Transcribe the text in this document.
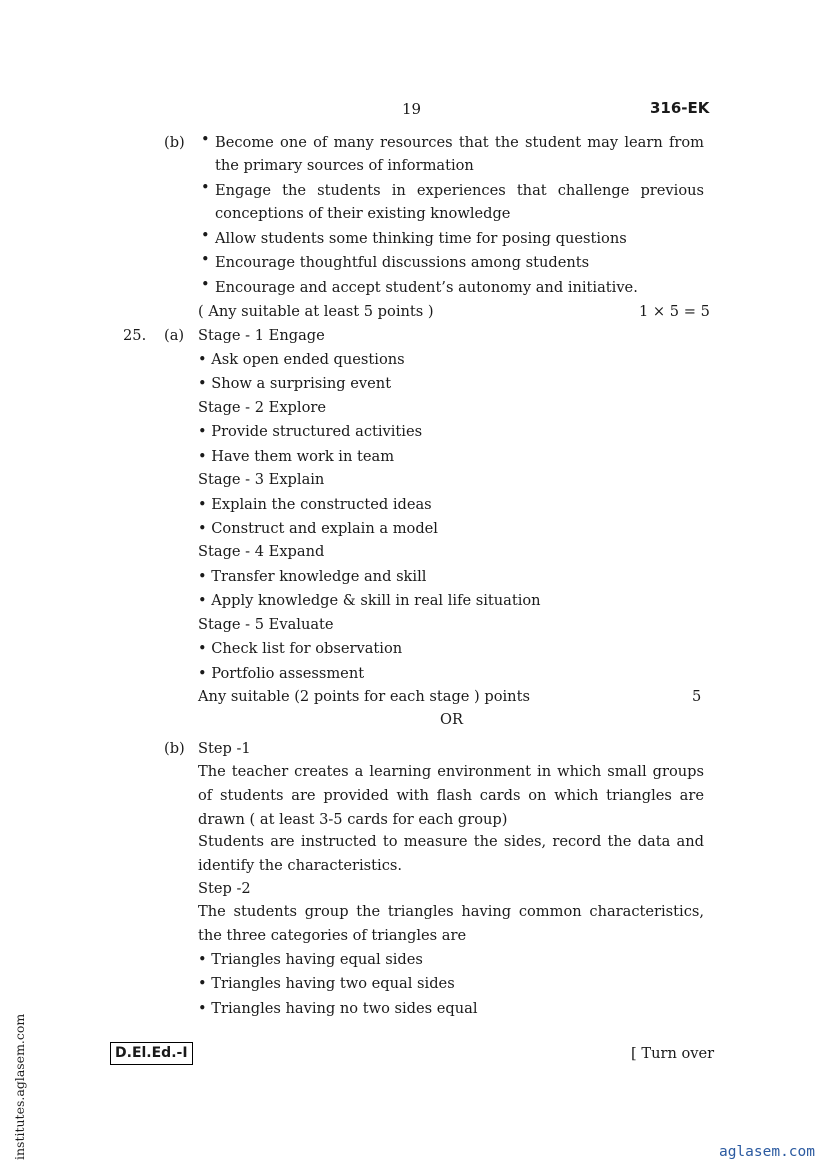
19	316-EK
(b) • Become one of many resources that the student may learn from the primary sources of information
• Engage the students in experiences that challenge previous conceptions of their existing knowledge
• Allow students some thinking time for posing questions
• Encourage thoughtful discussions among students
• Encourage and accept student’s autonomy and initiative.
( Any suitable at least 5 points )	1 × 5 = 5
25. (a) Stage - 1 Engage
• Ask open ended questions
• Show a surprising event
Stage - 2 Explore
• Provide structured activities
• Have them work in team
Stage - 3 Explain
• Explain the constructed ideas
• Construct and explain a model
Stage - 4 Expand
• Transfer knowledge and skill
• Apply knowledge & skill in real life situation
Stage - 5 Evaluate
• Check list for observation
• Portfolio assessment
Any suitable (2 points for each stage ) points	5
OR
(b) Step -1
The teacher creates a learning environment in which small groups
of students are provided with flash cards on which triangles are
drawn ( at least 3-5 cards for each group)
Students are instructed to measure the sides, record the data and
identify the characteristics.
Step -2
The students group the triangles having common characteristics,
the three categories of triangles are
• Triangles having equal sides
• Triangles having two equal sides
• Triangles having no two sides equal
D.El.Ed.-I	[ Turn over
institutes.aglasem.com	aglasem.com
